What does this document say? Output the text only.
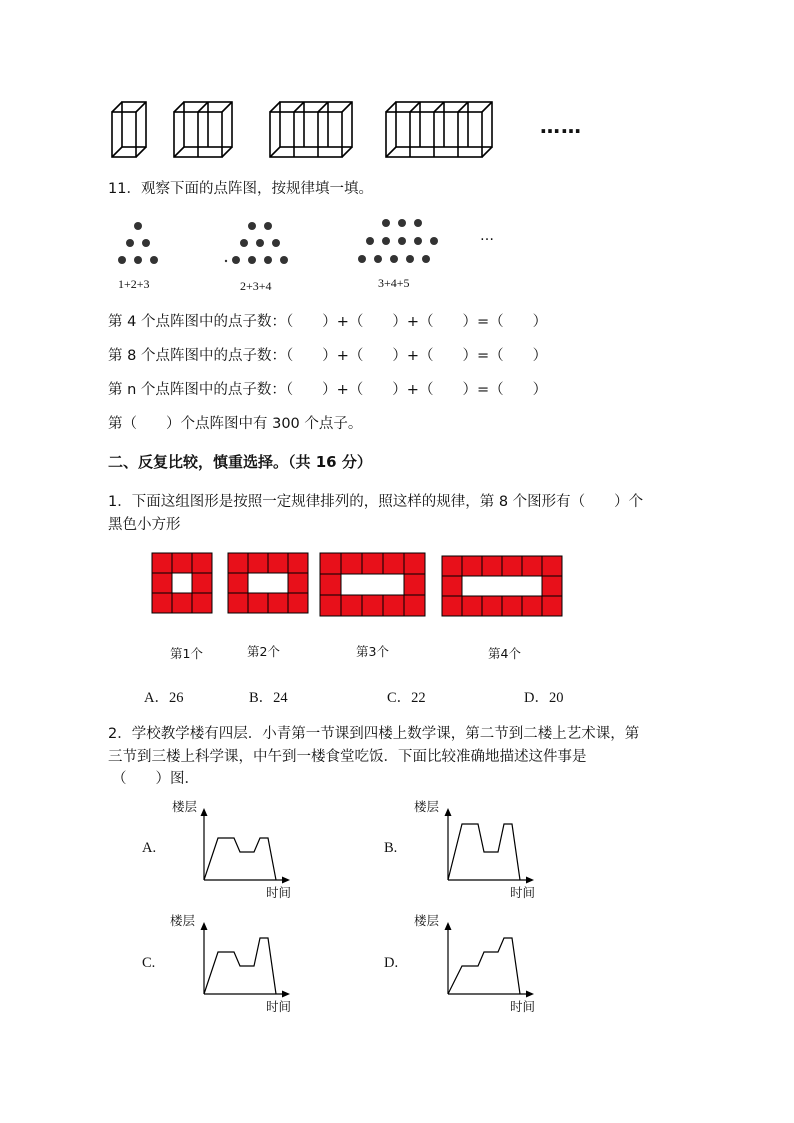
……
11．观察下面的点阵图，按规律填一填。
…
1+2+3	2+3+4	3+4+5
第 4 个点阵图中的点子数：（　　）+（　　）+（　　）=（　　）
第 8 个点阵图中的点子数：（　　）+（　　）+（　　）=（　　）
第 n 个点阵图中的点子数：（　　）+（　　）+（　　）=（　　）
第（　　）个点阵图中有 300 个点子。
二、反复比较，慎重选择。（共 16 分）
1．下面这组图形是按照一定规律排列的，照这样的规律，第 8 个图形有（　　）个
黑色小方形
第1个	第2个	第3个	第4个
A．26	B．24	C．22	D．20
2．学校教学楼有四层．小青第一节课到四楼上数学课，第二节到二楼上艺术课，第
三节到三楼上科学课，中午到一楼食堂吃饭．下面比较准确地描述这件事是
（　　）图．
楼层
A.
时间
楼层
B.
时间
楼层
C.
时间
楼层
D.
时间
